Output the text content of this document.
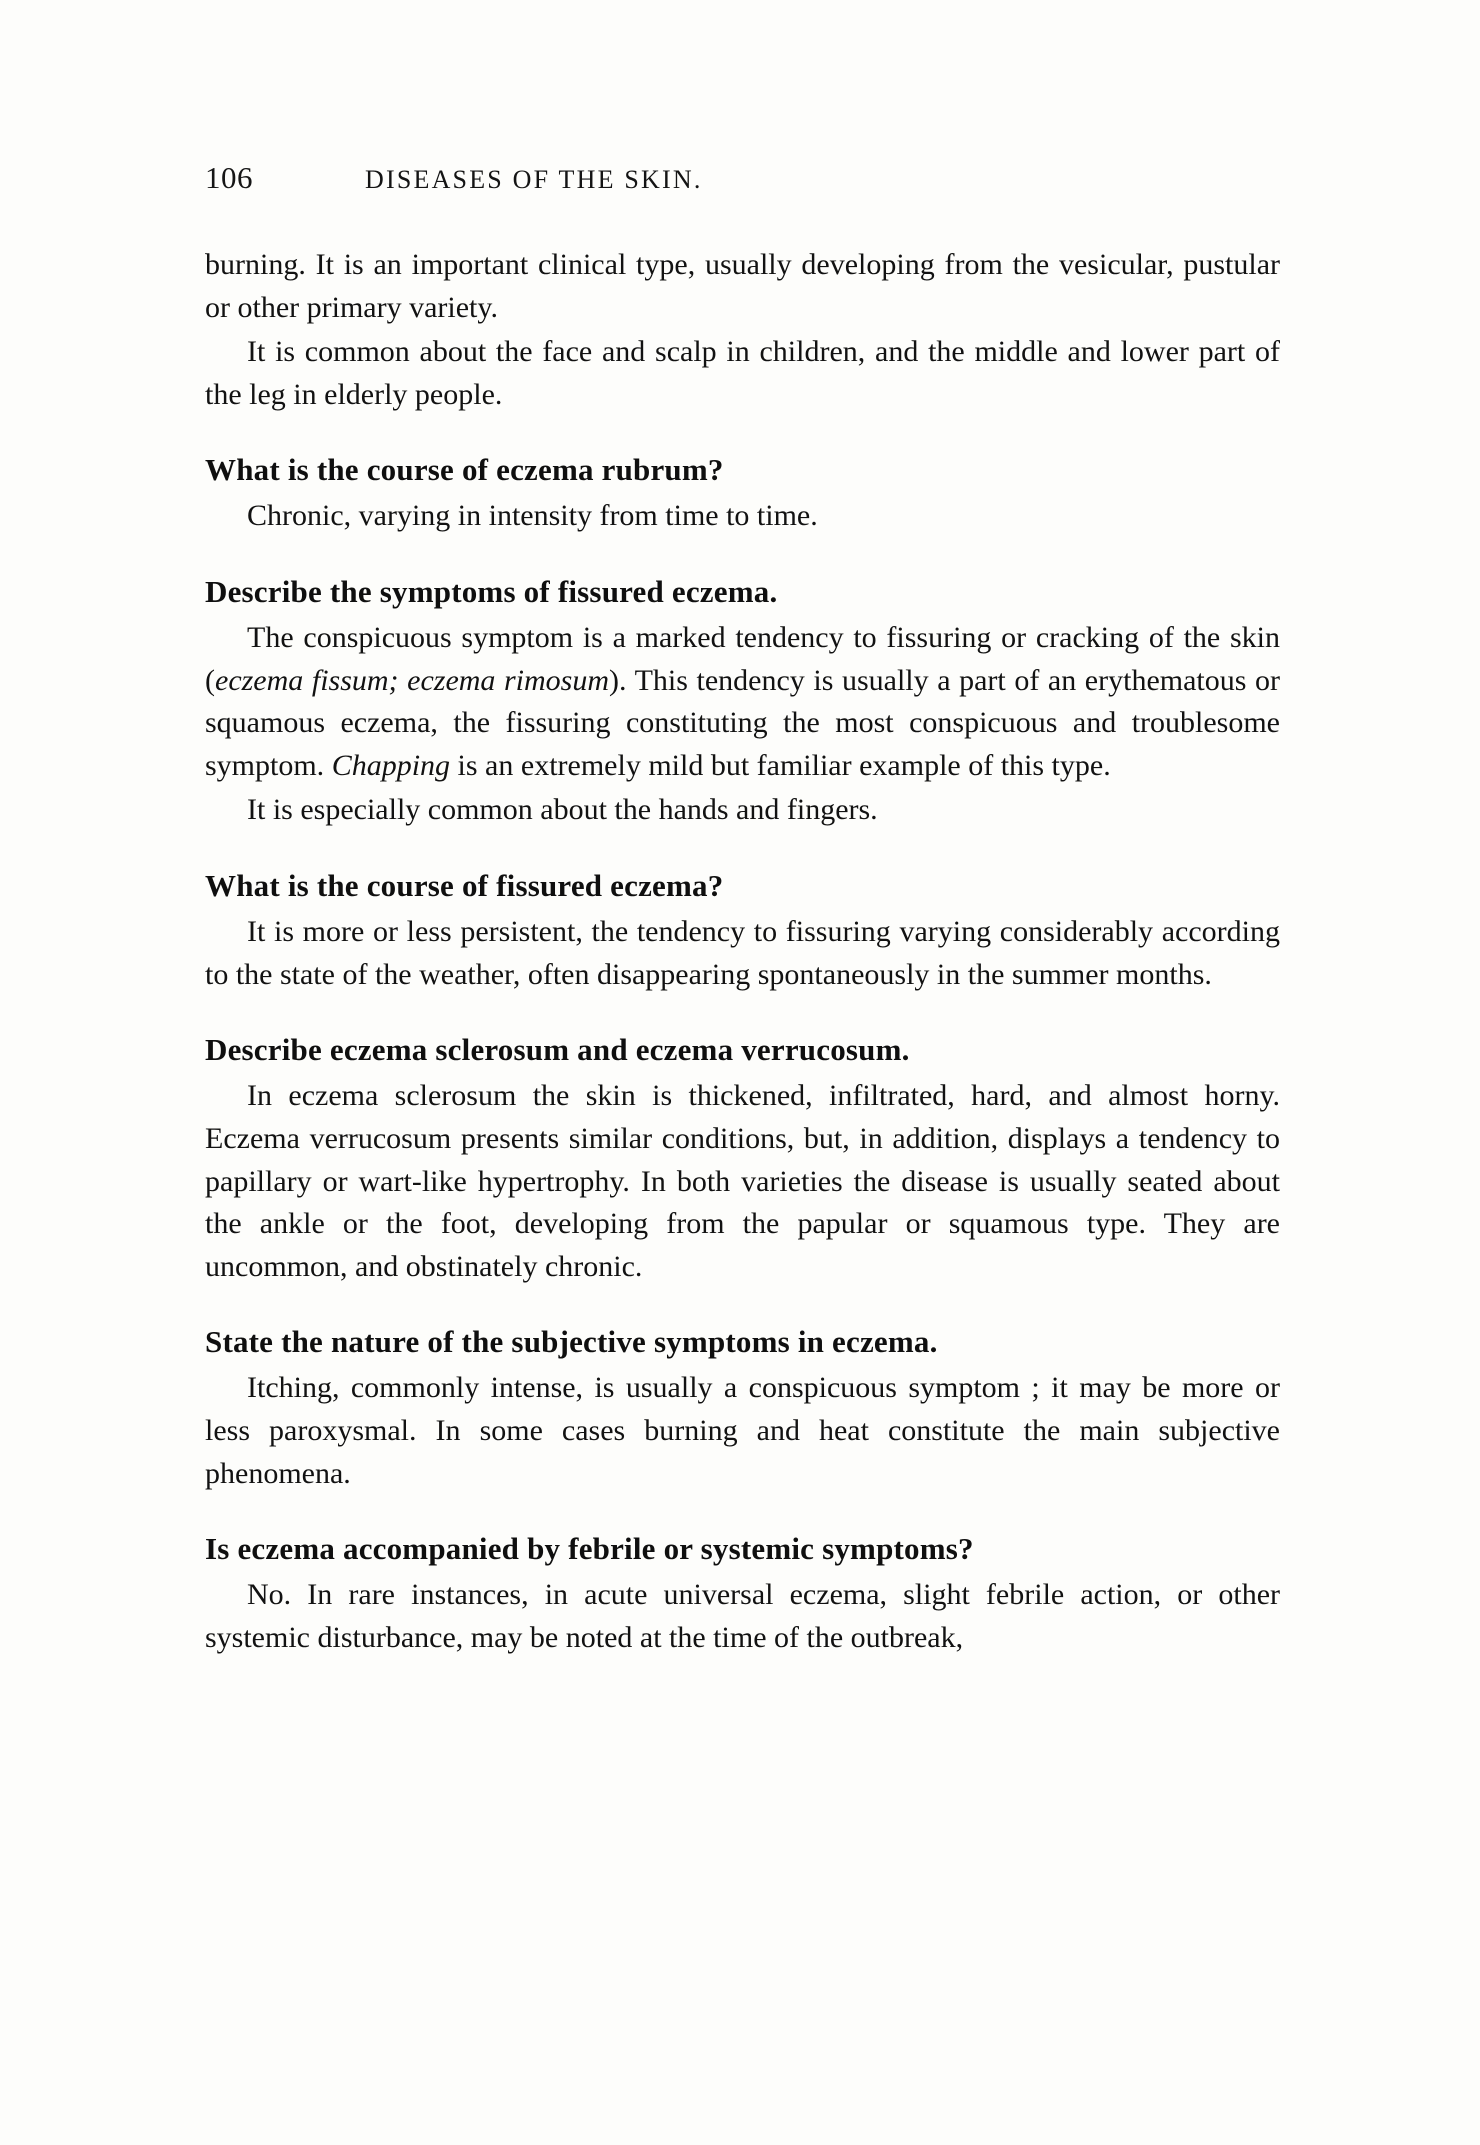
106	DISEASES OF THE SKIN.

burning. It is an important clinical type, usually developing from the vesicular, pustular or other primary variety.

It is common about the face and scalp in children, and the middle and lower part of the leg in elderly people.

What is the course of eczema rubrum?

Chronic, varying in intensity from time to time.

Describe the symptoms of fissured eczema.

The conspicuous symptom is a marked tendency to fissuring or cracking of the skin (eczema fissum; eczema rimosum). This tendency is usually a part of an erythematous or squamous eczema, the fissuring constituting the most conspicuous and troublesome symptom. Chapping is an extremely mild but familiar example of this type.

It is especially common about the hands and fingers.

What is the course of fissured eczema?

It is more or less persistent, the tendency to fissuring varying considerably according to the state of the weather, often disappearing spontaneously in the summer months.

Describe eczema sclerosum and eczema verrucosum.

In eczema sclerosum the skin is thickened, infiltrated, hard, and almost horny. Eczema verrucosum presents similar conditions, but, in addition, displays a tendency to papillary or wart-like hypertrophy. In both varieties the disease is usually seated about the ankle or the foot, developing from the papular or squamous type. They are uncommon, and obstinately chronic.

State the nature of the subjective symptoms in eczema.

Itching, commonly intense, is usually a conspicuous symptom ; it may be more or less paroxysmal. In some cases burning and heat constitute the main subjective phenomena.

Is eczema accompanied by febrile or systemic symptoms?

No. In rare instances, in acute universal eczema, slight febrile action, or other systemic disturbance, may be noted at the time of the outbreak,
